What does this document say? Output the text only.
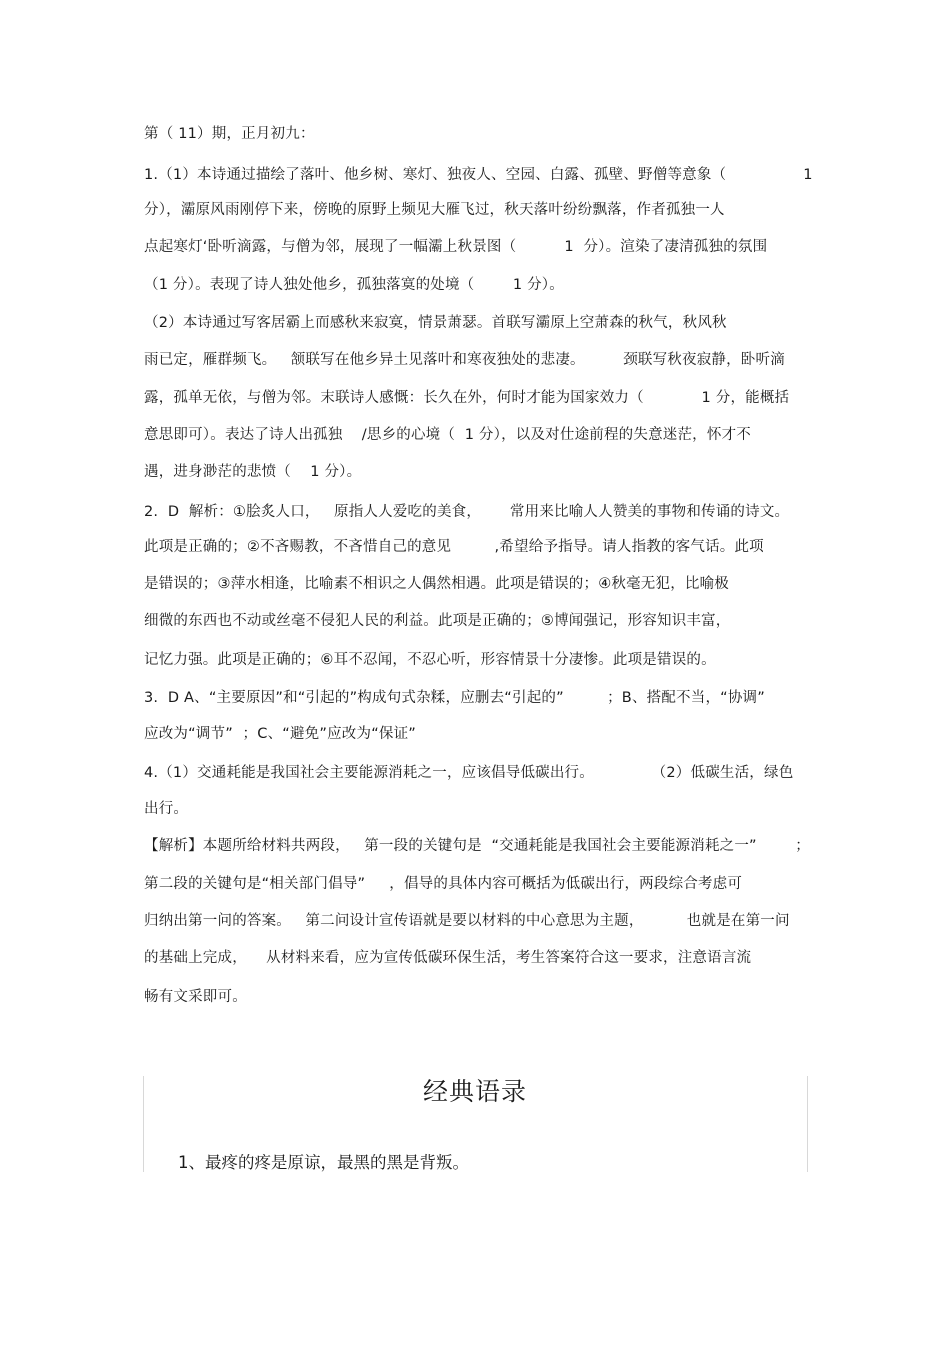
第（ 11）期，正月初九：
1.（1）本诗通过描绘了落叶、他乡树、寒灯、独夜人、空园、白露、孤壁、野僧等意象（                1
分），灞原风雨刚停下来，傍晚的原野上频见大雁飞过，秋天落叶纷纷飘落，作者孤独一人
点起寒灯‘卧听滴露，与僧为邻，展现了一幅灞上秋景图（          1  分）。渲染了凄清孤独的氛围
（1 分）。表现了诗人独处他乡，孤独落寞的处境（        1 分）。
（2）本诗通过写客居霸上而感秋来寂寞，情景萧瑟。首联写灞原上空萧森的秋气，秋风秋
雨已定，雁群频飞。   颔联写在他乡异土见落叶和寒夜独处的悲凄。        颈联写秋夜寂静，卧听滴
露，孤单无依，与僧为邻。末联诗人感慨：长久在外，何时才能为国家效力（            1 分，能概括
意思即可）。表达了诗人出孤独    /思乡的心境（  1 分），以及对仕途前程的失意迷茫，怀才不
遇，进身渺茫的悲愤（    1 分）。
2.  D  解析：①脍炙人口，   原指人人爱吃的美食，      常用来比喻人人赞美的事物和传诵的诗文。
此项是正确的；②不吝赐教，不吝惜自己的意见         ,希望给予指导。请人指教的客气话。此项
是错误的；③萍水相逢，比喻素不相识之人偶然相遇。此项是错误的；④秋毫无犯，比喻极
细微的东西也不动或丝毫不侵犯人民的利益。此项是正确的；⑤博闻强记，形容知识丰富，
记忆力强。此项是正确的；⑥耳不忍闻，不忍心听，形容情景十分凄惨。此项是错误的。
3.  D A、“主要原因”和“引起的”构成句式杂糅，应删去“引起的”         ；B、搭配不当，“协调”
应改为“调节”  ；C、“避免”应改为“保证”
4.（1）交通耗能是我国社会主要能源消耗之一，应该倡导低碳出行。            （2）低碳生活，绿色
出行。
【解析】本题所给材料共两段，   第一段的关键句是  “交通耗能是我国社会主要能源消耗之一”        ；
第二段的关键句是“相关部门倡导”     ，倡导的具体内容可概括为低碳出行，两段综合考虑可
归纳出第一问的答案。   第二问设计宣传语就是要以材料的中心意思为主题，         也就是在第一问
的基础上完成，    从材料来看，应为宣传低碳环保生活，考生答案符合这一要求，注意语言流
畅有文采即可。
经典语录
1、最疼的疼是原谅，最黑的黑是背叛。
